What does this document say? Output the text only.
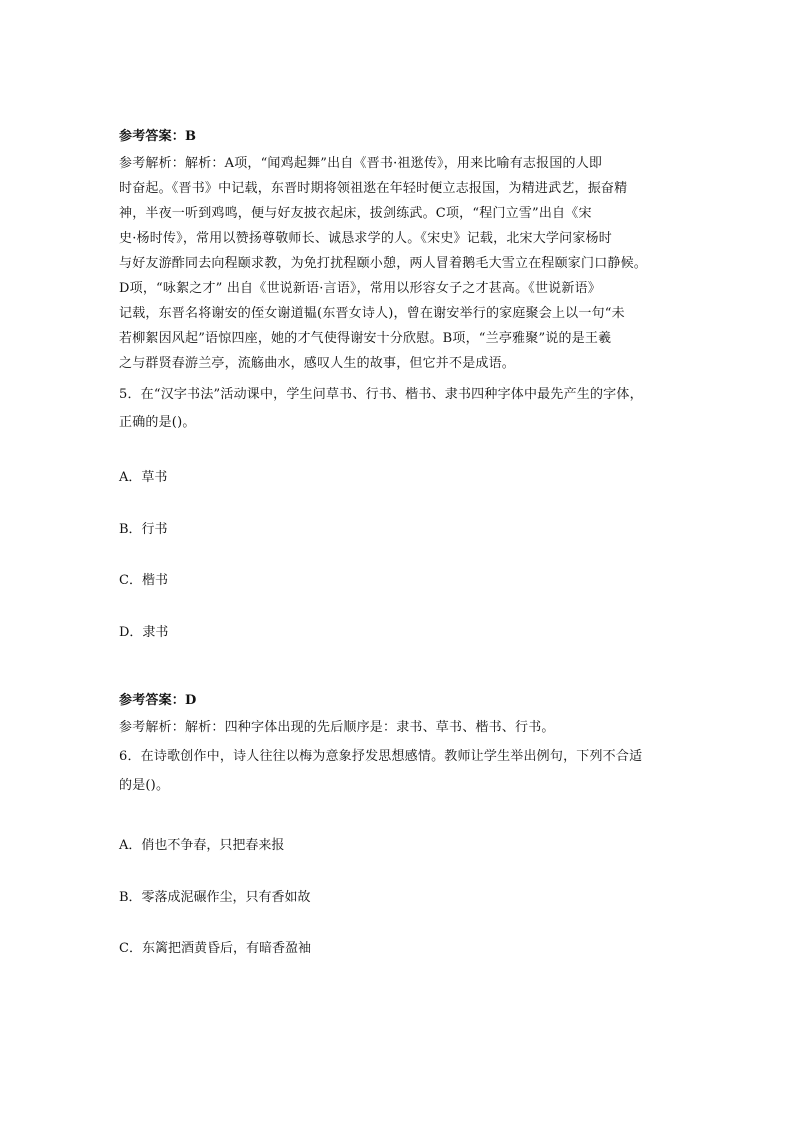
参考答案：B
参考解析：解析：A项，“闻鸡起舞”出自《晋书·祖逖传》，用来比喻有志报国的人即
时奋起。《晋书》中记载，东晋时期将领祖逖在年轻时便立志报国，为精进武艺，振奋精
神，半夜一听到鸡鸣，便与好友披衣起床，拔剑练武。C项，“程门立雪”出自《宋
史·杨时传》，常用以赞扬尊敬师长、诚恳求学的人。《宋史》记载，北宋大学问家杨时
与好友游酢同去向程颐求教，为免打扰程颐小憩，两人冒着鹅毛大雪立在程颐家门口静候。
D项，“咏絮之才” 出自《世说新语·言语》，常用以形容女子之才甚高。《世说新语》
记载，东晋名将谢安的侄女谢道韫(东晋女诗人)，曾在谢安举行的家庭聚会上以一句“未
若柳絮因风起”语惊四座，她的才气使得谢安十分欣慰。B项，“兰亭雅聚”说的是王羲
之与群贤春游兰亭，流觞曲水，感叹人生的故事，但它并不是成语。
5．在“汉字书法”活动课中，学生问草书、行书、楷书、隶书四种字体中最先产生的字体，
正确的是()。
A．草书
B．行书
C．楷书
D．隶书
参考答案：D
参考解析：解析：四种字体出现的先后顺序是：隶书、草书、楷书、行书。
6．在诗歌创作中，诗人往往以梅为意象抒发思想感情。教师让学生举出例句，下列不合适
的是()。
A．俏也不争春，只把春来报
B．零落成泥碾作尘，只有香如故
C．东篱把酒黄昏后，有暗香盈袖
